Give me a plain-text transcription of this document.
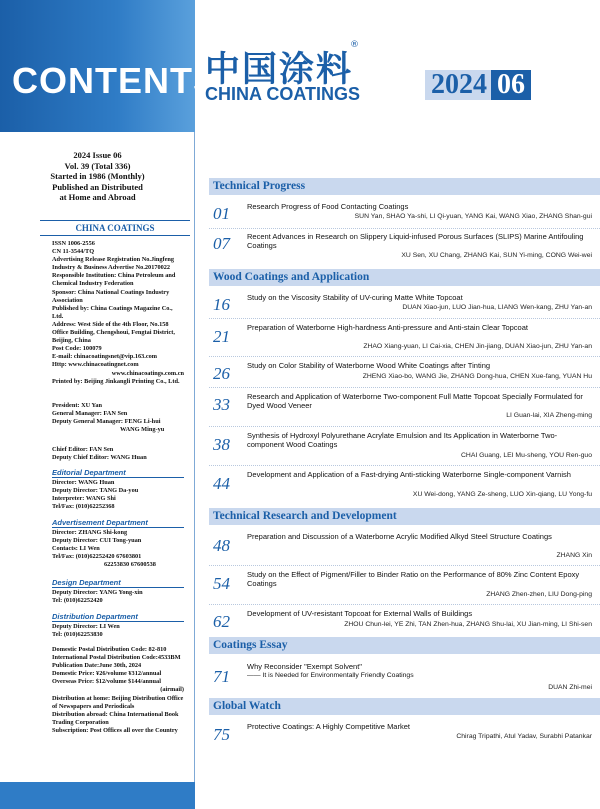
CONTENTS
中国涂料
®
CHINA COATINGS	2024 06
2024 Issue 06
Vol. 39 (Total 336)
Started in 1986 (Monthly)
Published an Distributed
at Home and Abroad
CHINA COATINGS
ISSN 1006-2556
CN 11-3544/TQ
Advertising Release Registration No.Jingfeng Industry & Business Advertise No.20170022
Responsible Institution: China Petroleum and Chemical Industry Federation
Sponsor: China National Coatings Industry Association
Published by: China Coatings Magazine Co., Ltd.
Address: West Side of the 4th Floor, No.158 Office Building, Chengshoui, Fengtai District, Beijing, China
Post Code: 100079
E-mail: chinacoatingsnet@vip.163.com
Http: www.chinacoatingnet.com
www.chinacoatings.com.cn
Printed by: Beijing Jinkangli Printing Co., Ltd.
President: XU Yan
General Manager: FAN Sen
Deputy General Manager: FENG Li-hui
WANG Ming-yu
Chief Editor: FAN Sen
Deputy Chief Editor: WANG Huan
Editorial Department
Director: WANG Huan
Deputy Director: TANG Da-you
Interpreter: WANG Shi
Tel/Fax: (010)62252368
Advertisement Department
Director: ZHANG Shi-kong
Deputy Director: CUI Tong-yuan
Contacts: LI Wen
Tel/Fax: (010)62252420 67603801
62253830 67600538
Design Department
Deputy Director: YANG Yong-xin
Tel: (010)62252420
Distribution Department
Deputy Director: LI Wen
Tel: (010)62253830
Domestic Postal Distribution Code: 82-810
International Postal Distribution Code:4533BM
Publication Date:June 30th, 2024
Domestic Price: ¥26/volume ¥312/annual
Overseas Price: $12/volume $144/annual
(airmail)
Distribution at home: Beijing Distribution Office of Newspapers and Periodicals
Distribution abroad: China International Book Trading Corporation
Subscription: Post Offices all over the Country
Technical Progress
01 Research Progress of Food Contacting Coatings
SUN Yan, SHAO Ya-shi, LI Qi-yuan, YANG Kai, WANG Xiao, ZHANG Shan-gui
07 Recent Advances in Research on Slippery Liquid-infused Porous Surfaces (SLIPS) Marine Antifouling Coatings
XU Sen, XU Chang, ZHANG Kai, SUN Yi-ming, CONG Wei-wei
Wood Coatings and Application
16 Study on the Viscosity Stability of UV-curing Matte White Topcoat
DUAN Xiao-jun, LUO Jian-hua, LIANG Wen-kang, ZHU Yan-an
21 Preparation of Waterborne High-hardness Anti-pressure and Anti-stain Clear Topcoat
ZHAO Xiang-yuan, LI Cai-xia, CHEN Jin-jiang, DUAN Xiao-jun, ZHU Yan-an
26 Study on Color Stability of Waterborne Wood White Coatings after Tinting
ZHENG Xiao-bo, WANG Jie, ZHANG Dong-hua, CHEN Xue-fang, YUAN Hu
33 Research and Application of Waterborne Two-component Full Matte Topcoat Specially Formulated for Dyed Wood Veneer
LI Guan-lai, XIA Zheng-ming
38 Synthesis of Hydroxyl Polyurethane Acrylate Emulsion and Its Application in Waterborne Two-component Wood Coatings
CHAI Guang, LEI Mu-sheng, YOU Ren-guo
44 Development and Application of a Fast-drying Anti-sticking Waterborne Single-component Varnish
XU Wei-dong, YANG Ze-sheng, LUO Xin-qiang, LU Yong-fu
Technical Research and Development
48 Preparation and Discussion of a Waterborne Acrylic Modified Alkyd Steel Structure Coatings
ZHANG Xin
54 Study on the Effect of Pigment/Filler to Binder Ratio on the Performance of 80% Zinc Content Epoxy Coatings
ZHANG Zhen-zhen, LIU Dong-ping
62 Development of UV-resistant Topcoat for External Walls of Buildings
ZHOU Chun-lei, YE Zhi, TAN Zhen-hua, ZHANG Shu-lai, XU Jian-ming, LI Shi-sen
Coatings Essay
71
Why Reconsider "Exempt Solvent"
—— It is Needed for Environmentally Friendly Coatings
DUAN Zhi-mei
Global Watch
75 Protective Coatings: A Highly Competitive Market
Chirag Tripathi, Atul Yadav, Surabhi Patankar
